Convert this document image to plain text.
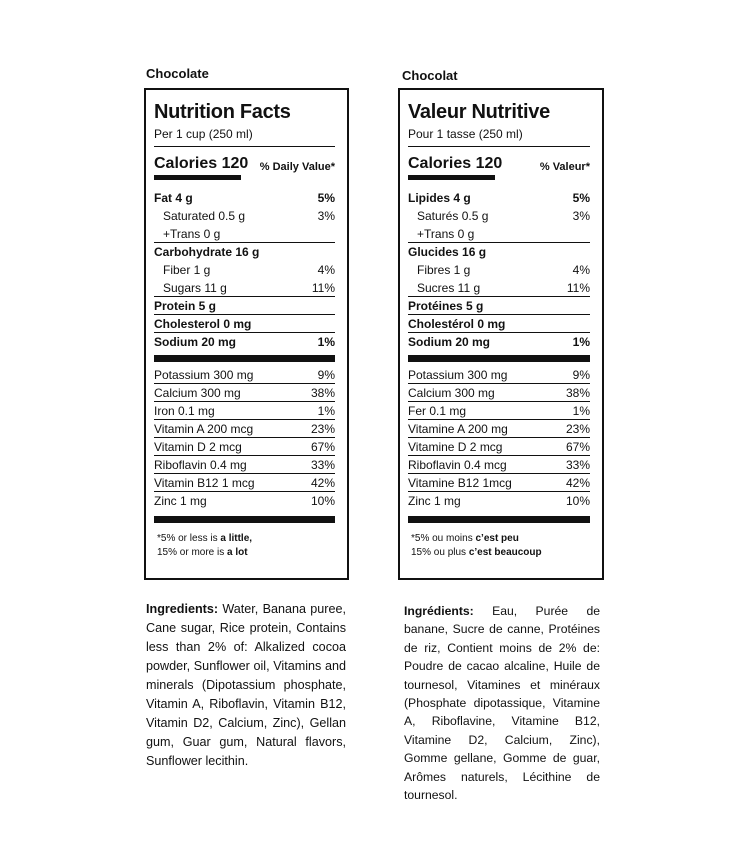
Chocolate
Nutrition Facts
Per 1 cup (250 ml)
Calories 120 % Daily Value*
Fat 4 g	5%
Saturated 0.5 g	3%
+Trans 0 g
Carbohydrate 16 g
Fiber 1 g	4%
Sugars 11 g	11%
Protein 5 g
Cholesterol 0 mg
Sodium 20 mg	1%
Potassium 300 mg	9%
Calcium 300 mg	38%
Iron 0.1 mg	1%
Vitamin A 200 mcg	23%
Vitamin D 2 mcg	67%
Riboflavin 0.4 mg	33%
Vitamin B12 1 mcg	42%
Zinc 1 mg	10%
*5% or less is a little,
15% or more is a lot
Ingredients: Water, Banana puree, Cane sugar, Rice protein, Contains less than 2% of: Alkalized cocoa powder, Sunflower oil, Vitamins and minerals (Dipotassium phosphate, Vitamin A, Riboflavin, Vitamin B12, Vitamin D2, Calcium, Zinc), Gellan gum, Guar gum, Natural flavors, Sunflower lecithin.
Chocolat
Valeur Nutritive
Pour 1 tasse (250 ml)
Calories 120	% Valeur*
Lipides 4 g	5%
Saturés 0.5 g	3%
+Trans 0 g
Glucides 16 g
Fibres 1 g	4%
Sucres 11 g	11%
Protéines 5 g
Cholestérol 0 mg
Sodium 20 mg	1%
Potassium 300 mg	9%
Calcium 300 mg	38%
Fer 0.1 mg	1%
Vitamine A 200 mg	23%
Vitamine D 2 mcg	67%
Riboflavin 0.4 mcg	33%
Vitamine B12 1mcg	42%
Zinc 1 mg	10%
*5% ou moins c’est peu
15% ou plus c’est beaucoup
Ingrédients: Eau, Purée de banane, Sucre de canne, Protéines de riz, Contient moins de 2% de: Poudre de cacao alcaline, Huile de tournesol, Vitamines et minéraux (Phosphate dipotassique, Vitamine A, Riboflavine, Vitamine B12, Vitamine D2, Calcium, Zinc), Gomme gellane, Gomme de guar, Arômes naturels, Lécithine de tournesol.
